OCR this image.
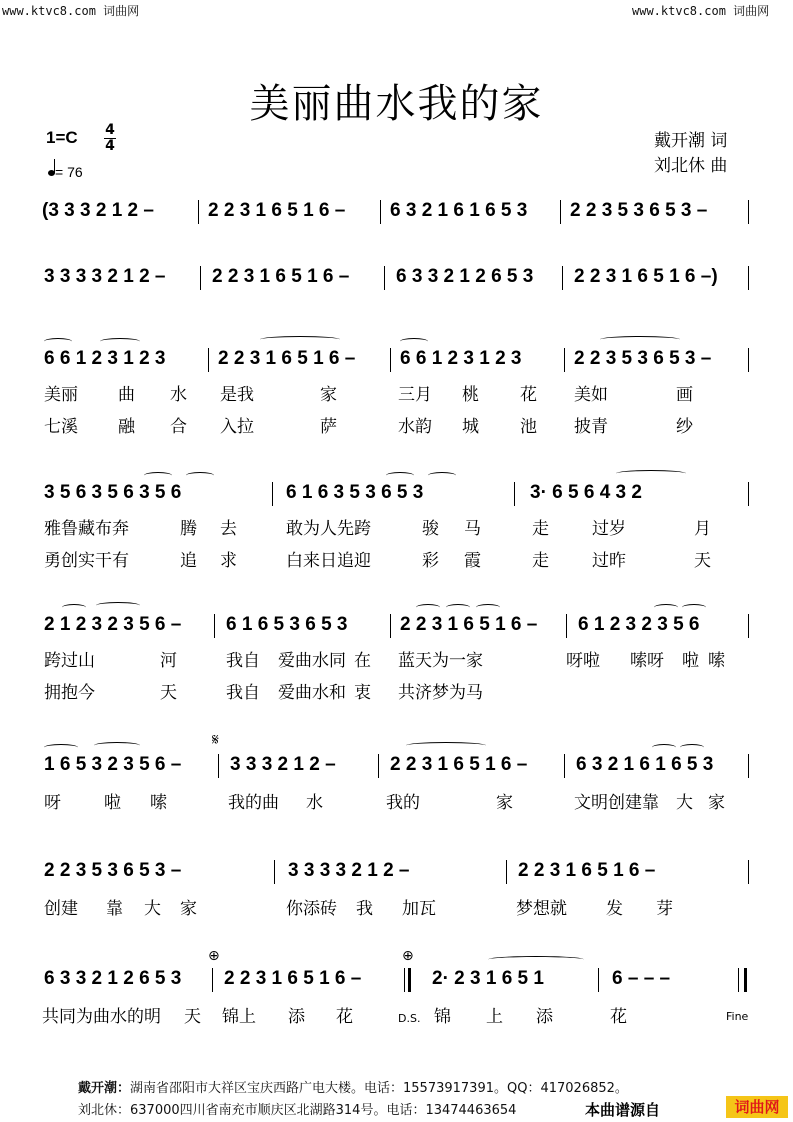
www.ktvc8.com 词曲网	www.ktvc8.com 词曲网
美丽曲水我的家
1=C 4
4
= 76
戴开潮 词
刘北休 曲
(3 3 3 2 1 2 –	2 2 3 1 6 5 1 6 – 6 3 2 1 6 1 6 5 3 2 2 3 5 3 6 5 3 –
3 3 3 3 2 1 2 – 2 2 3 1 6 5 1 6 – 6 3 3 2 1 2 6 5 3 2 2 3 1 6 5 1 6 –)
6 6 1 2 3 1 2 3	2 2 3 1 6 5 1 6 – 6 6 1 2 3 1 2 3	2 2 3 5 3 6 5 3 –
美丽 曲 水 是我	家	三月 桃 花 美如	画
七溪 融 合 入拉	萨	水韵 城 池 披青	纱
3 5 6 3 5 6 3 5 6	6 1 6 3 5 3 6 5 3	3· 6 5 6 4 3 2
雅鲁藏布奔	腾 去	敢为人先跨	骏 马	走	过岁	月
勇创实干有	追 求	白来日追迎	彩 霞	走	过昨	天
2 1 2 3 2 3 5 6 – 6 1 6 5 3 6 5 3	2 2 3 1 6 5 1 6 – 6 1 2 3 2 3 5 6
跨过山	河	我自 爱曲水同 在 蓝天为一家	呀啦 嗦呀 啦 嗦
拥抱今	天	我自 爱曲水和 衷 共济梦为马
𝄋
1 6 5 3 2 3 5 6 –	3 3 3 2 1 2 –	2 2 3 1 6 5 1 6 –	6 3 2 1 6 1 6 5 3
呀	啦 嗦	我的曲 水	我的	家	文明创建靠 大 家
2 2 3 5 3 6 5 3 –	3 3 3 3 2 1 2 –	2 2 3 1 6 5 1 6 –
创建 靠 大 家	你添砖 我 加瓦	梦想就 发 芽
⊕	⊕
6 3 3 2 1 2 6 5 3 2 2 3 1 6 5 1 6 –	2· 2 3 1 6 5 1	6 – – –
共同为曲水的明 天 锦上 添 花	D.S. 锦 上 添	花	Fine
戴开潮：湖南省邵阳市大祥区宝庆西路广电大楼。电话：15573917391。QQ：417026852。
刘北休：637000四川省南充市顺庆区北湖路314号。电话：13474463654	本曲谱源自	词曲网
